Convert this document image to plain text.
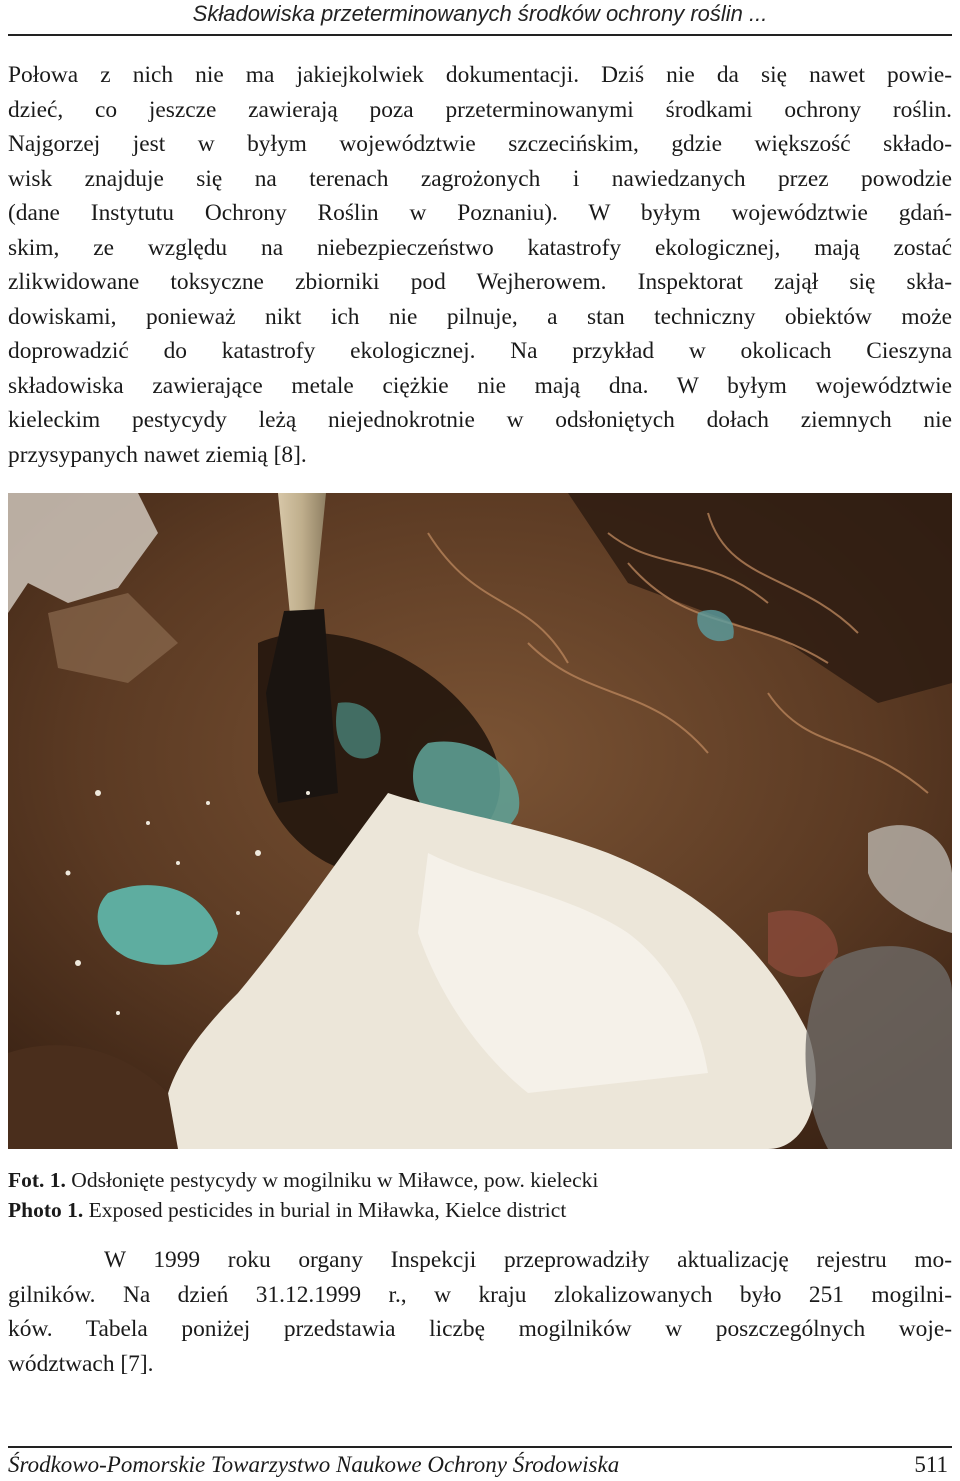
Składowiska przeterminowanych środków ochrony roślin ...
Połowa z nich nie ma jakiejkolwiek dokumentacji. Dziś nie da się nawet powie-
dzieć, co jeszcze zawierają poza przeterminowanymi środkami ochrony roślin.
Najgorzej jest w byłym województwie szczecińskim, gdzie większość składo-
wisk znajduje się na terenach zagrożonych i nawiedzanych przez powodzie
(dane Instytutu Ochrony Roślin w Poznaniu). W byłym województwie gdań-
skim, ze względu na niebezpieczeństwo katastrofy ekologicznej, mają zostać
zlikwidowane toksyczne zbiorniki pod Wejherowem. Inspektorat zajął się skła-
dowiskami, ponieważ nikt ich nie pilnuje, a stan techniczny obiektów może
doprowadzić do katastrofy ekologicznej. Na przykład w okolicach Cieszyna
składowiska zawierające metale ciężkie nie mają dna. W byłym województwie
kieleckim pestycydy leżą niejednokrotnie w odsłoniętych dołach ziemnych nie
przysypanych nawet ziemią [8].
Fot. 1. Odsłonięte pestycydy w mogilniku w Miławce, pow. kielecki
Photo 1. Exposed pesticides in burial in Miławka, Kielce district
W 1999 roku organy Inspekcji przeprowadziły aktualizację rejestru mo-
gilników. Na dzień 31.12.1999 r., w kraju zlokalizowanych było 251 mogilni-
ków. Tabela poniżej przedstawia liczbę mogilników w poszczególnych woje-
wództwach [7].
Środkowo-Pomorskie Towarzystwo Naukowe Ochrony Środowiska	511
